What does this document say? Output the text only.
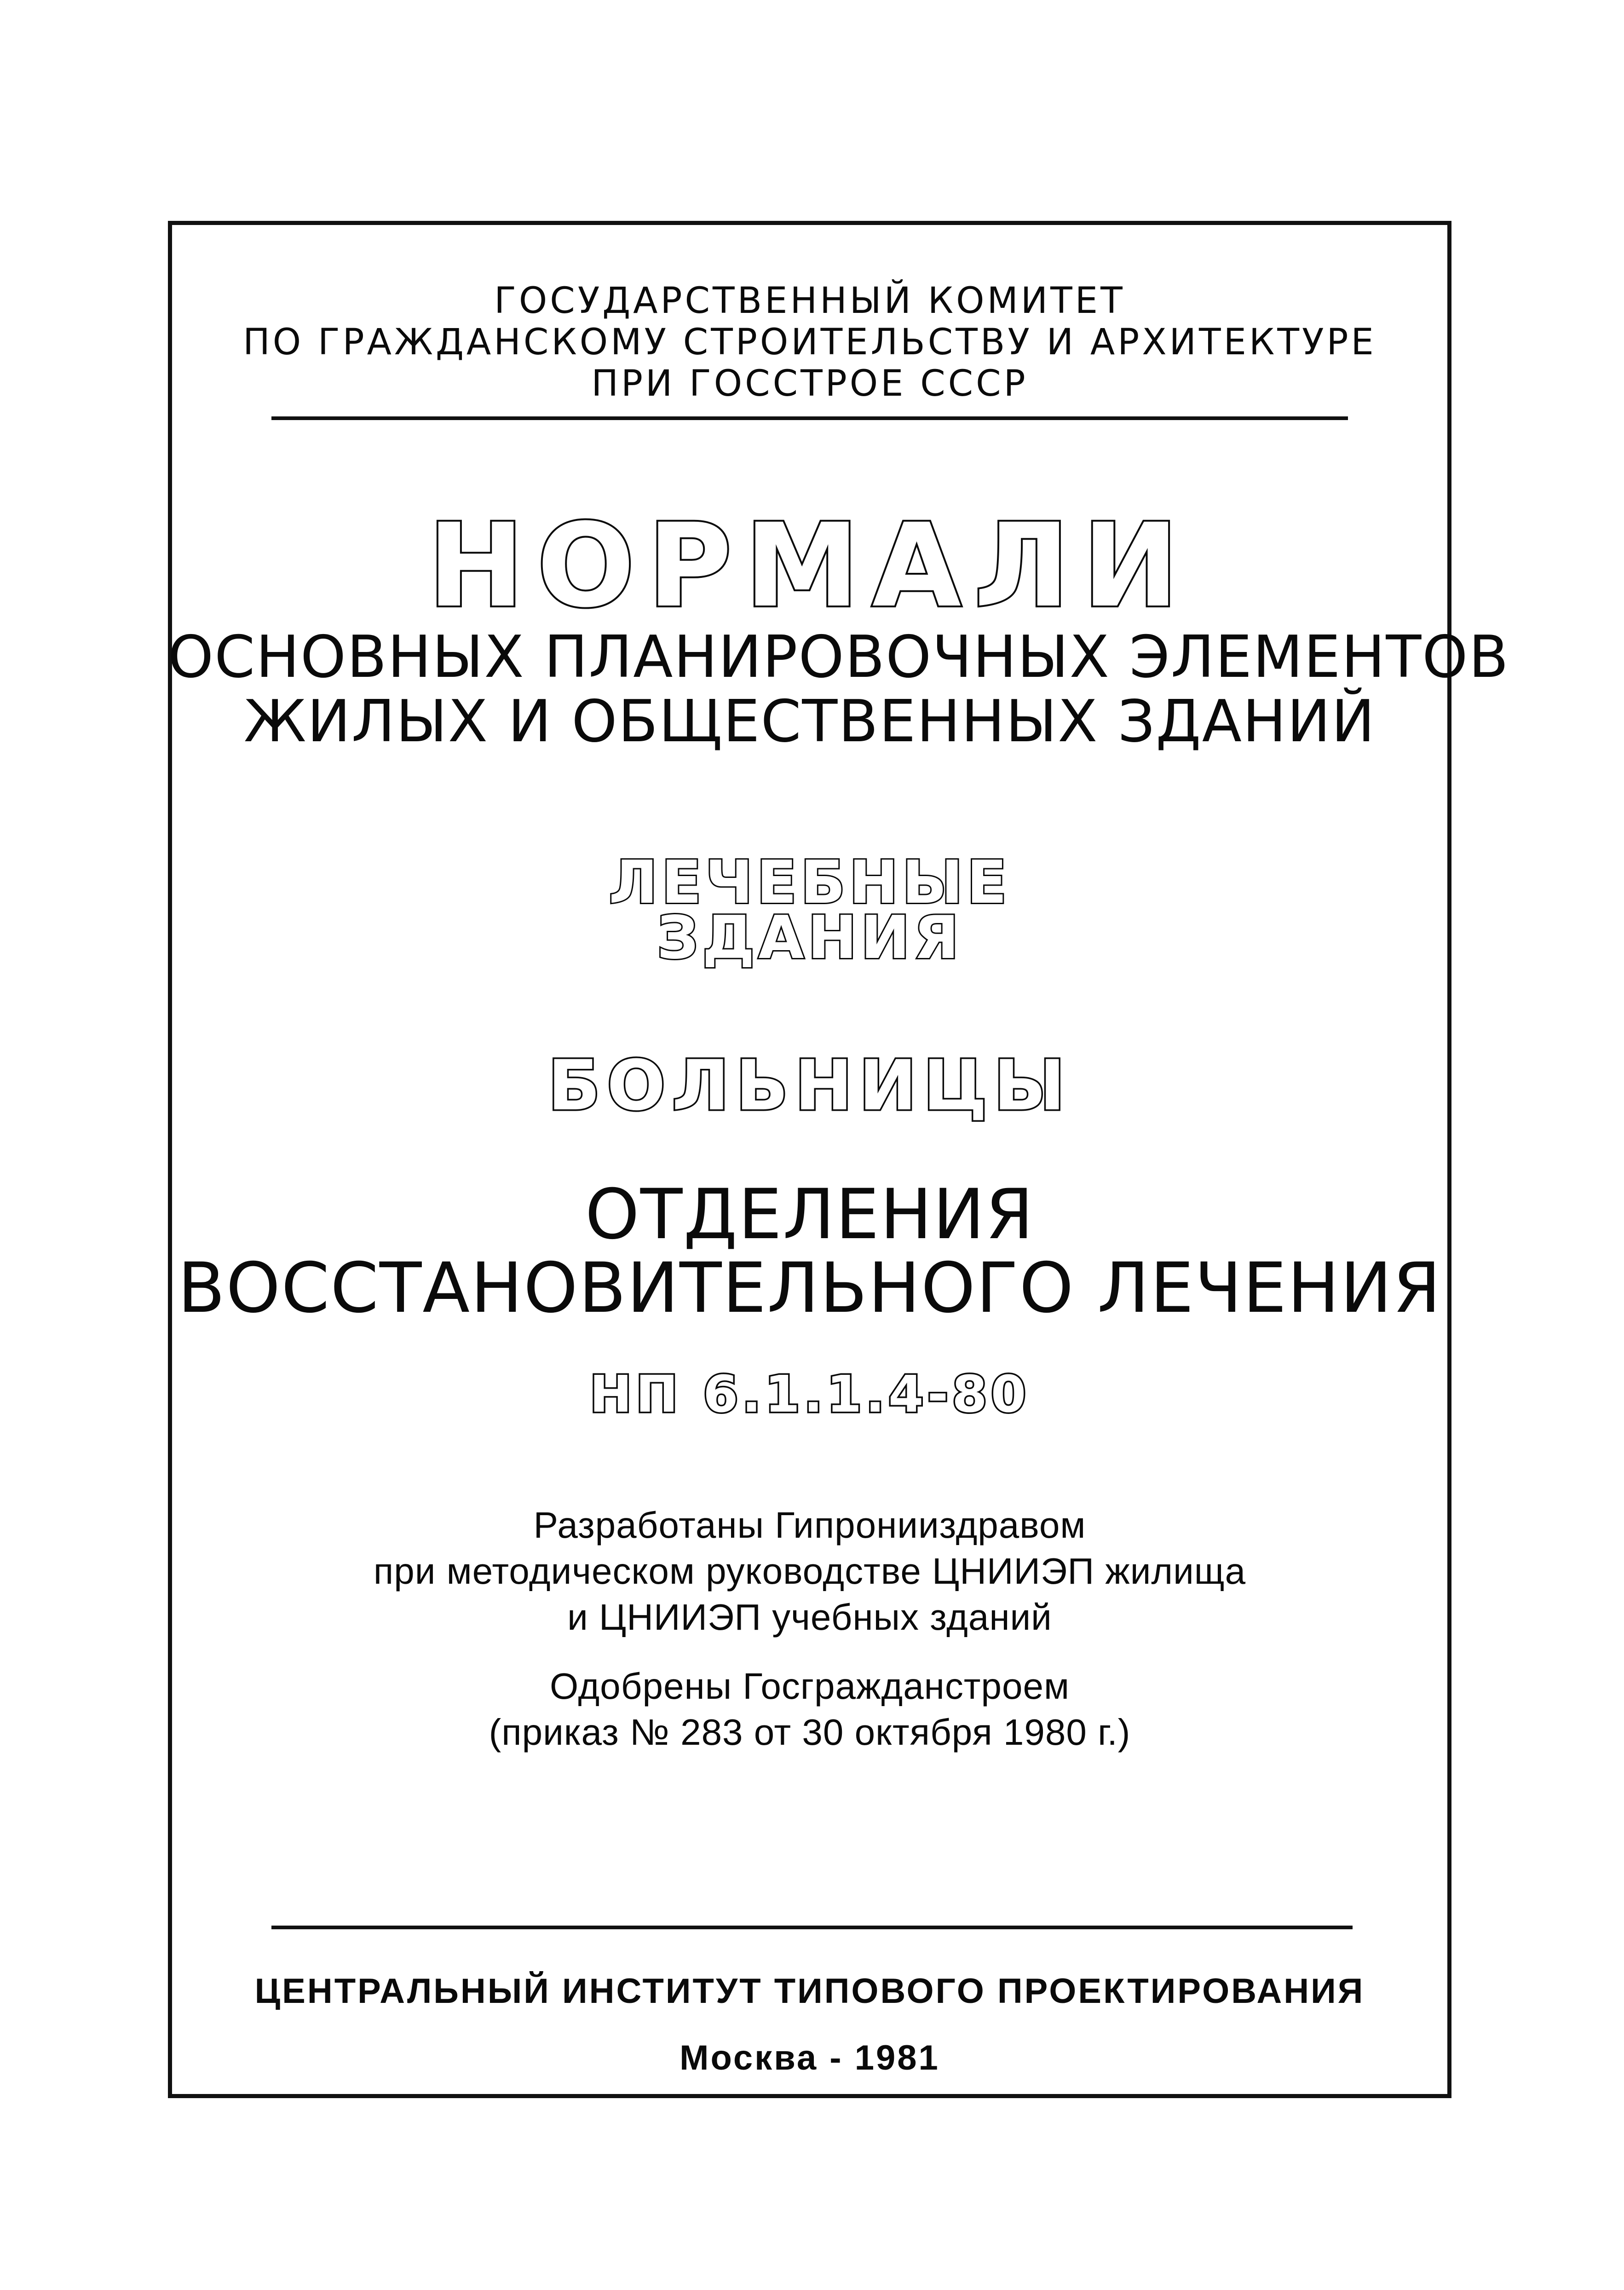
ГОСУДАРСТВЕННЫЙ КОМИТЕТ
ПО ГРАЖДАНСКОМУ СТРОИТЕЛЬСТВУ И АРХИТЕКТУРЕ
ПРИ ГОССТРОЕ СССР
НОРМАЛИ
ОСНОВНЫХ ПЛАНИРОВОЧНЫХ ЭЛЕМЕНТОВ
ЖИЛЫХ И ОБЩЕСТВЕННЫХ ЗДАНИЙ
ЛЕЧЕБНЫЕ
ЗДАНИЯ
БОЛЬНИЦЫ
ОТДЕЛЕНИЯ
ВОССТАНОВИТЕЛЬНОГО ЛЕЧЕНИЯ
НП 6.1.1.4-80
Разработаны Гипронииздравом
при методическом руководстве ЦНИИЭП жилища
и ЦНИИЭП учебных зданий
Одобрены Госгражданстроем
(приказ № 283 от 30 октября 1980 г.)
ЦЕНТРАЛЬНЫЙ ИНСТИТУТ ТИПОВОГО ПРОЕКТИРОВАНИЯ
Москва - 1981
